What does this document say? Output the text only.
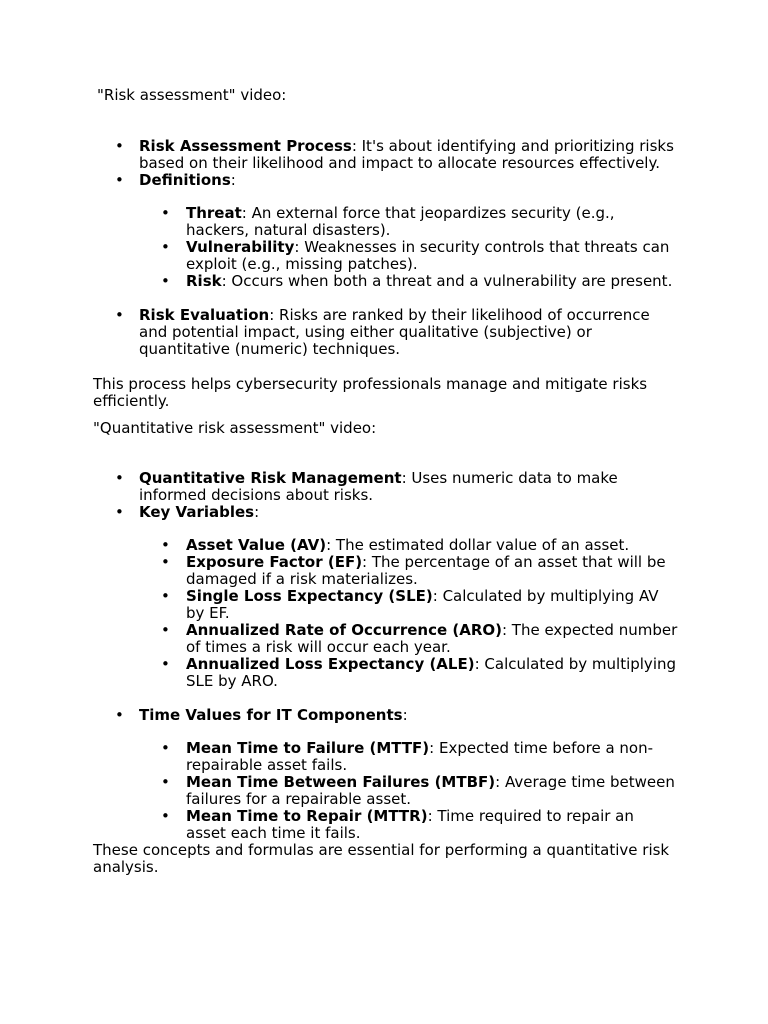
"Risk assessment" video:

• Risk Assessment Process: It's about identifying and prioritizing risks based on their likelihood and impact to allocate resources effectively.
• Definitions:
• Threat: An external force that jeopardizes security (e.g., hackers, natural disasters).
• Vulnerability: Weaknesses in security controls that threats can exploit (e.g., missing patches).
• Risk: Occurs when both a threat and a vulnerability are present.
• Risk Evaluation: Risks are ranked by their likelihood of occurrence and potential impact, using either qualitative (subjective) or quantitative (numeric) techniques.

This process helps cybersecurity professionals manage and mitigate risks efficiently.

"Quantitative risk assessment" video:

• Quantitative Risk Management: Uses numeric data to make informed decisions about risks.
• Key Variables:
• Asset Value (AV): The estimated dollar value of an asset.
• Exposure Factor (EF): The percentage of an asset that will be damaged if a risk materializes.
• Single Loss Expectancy (SLE): Calculated by multiplying AV by EF.
• Annualized Rate of Occurrence (ARO): The expected number of times a risk will occur each year.
• Annualized Loss Expectancy (ALE): Calculated by multiplying SLE by ARO.
• Time Values for IT Components:
• Mean Time to Failure (MTTF): Expected time before a non-repairable asset fails.
• Mean Time Between Failures (MTBF): Average time between failures for a repairable asset.
• Mean Time to Repair (MTTR): Time required to repair an asset each time it fails.

These concepts and formulas are essential for performing a quantitative risk analysis.
